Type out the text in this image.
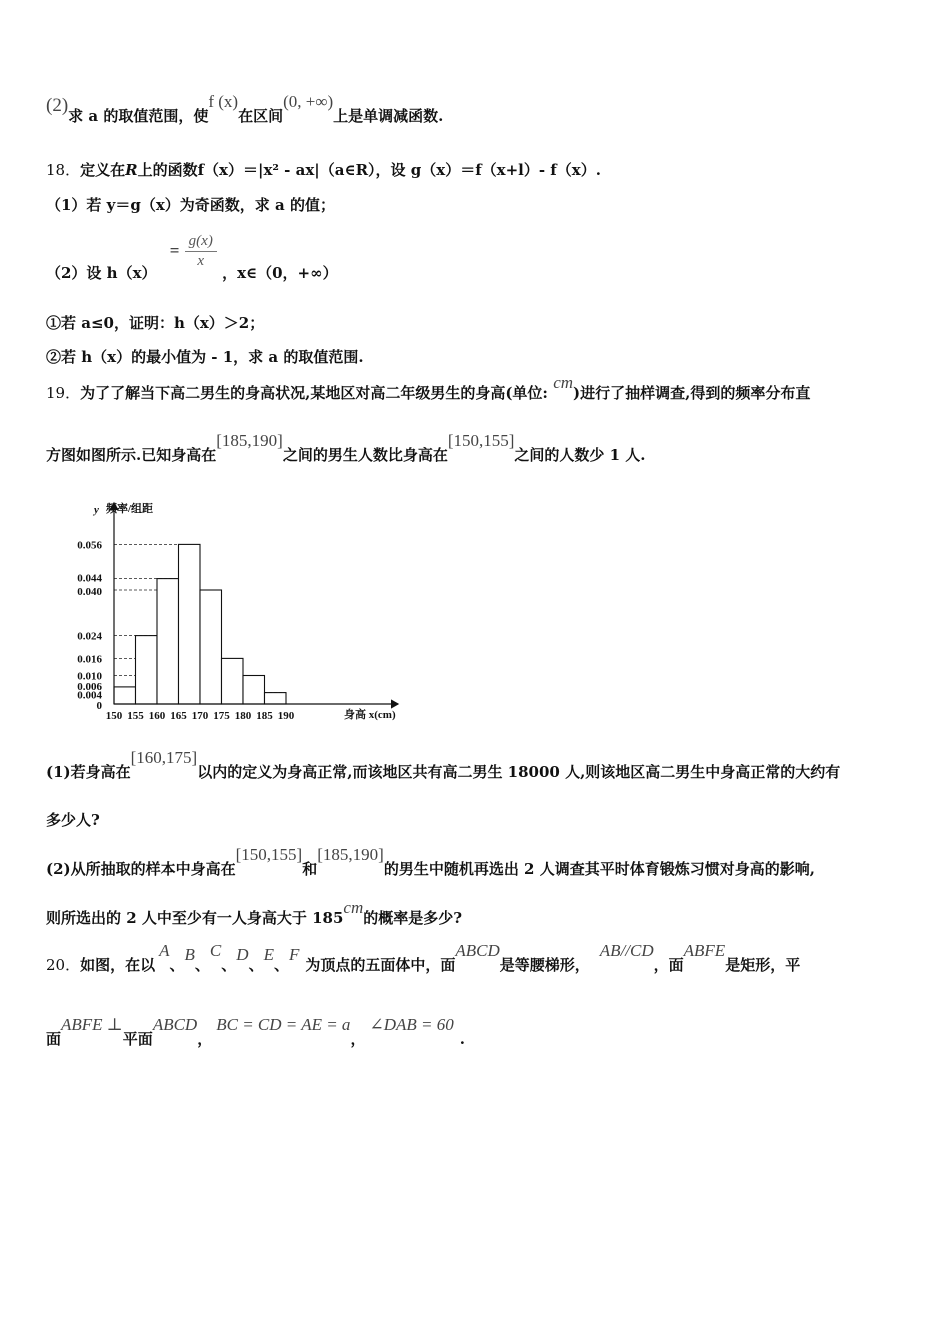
(2)求 a 的取值范围，使f (x)在区间(0, +∞)上是单调减函数.
18．定义在R上的函数f（x）＝|x² - ax|（a∈R），设 g（x）＝f（x+l）- f（x）.
（1）若 y＝g（x）为奇函数，求 a 的值；
（2）设 $h(x) = \frac{g(x)}{x}$
，x∈（0，+∞）
①若 a≤0，证明：h（x）＞2；
②若 h（x）的最小值为 - 1，求 a 的取值范围.
19．为了了解当下高二男生的身高状况,某地区对高二年级男生的身高(单位: cm)进行了抽样调查,得到的频率分布直
方图如图所示.已知身高在[185,190]之间的男生人数比身高在[150,155]之间的人数少 1 人.
0.056
0.044
0.040
0.024
0.016
0.010
0.006
0.004
0
150 155 160 165 170 175 180 185 190
y 频率/组距
身高 x(cm)
(1)若身高在[160,175]以内的定义为身高正常,而该地区共有高二男生 18000 人,则该地区高二男生中身高正常的大约有
多少人?
(2)从所抽取的样本中身高在[150,155]和[185,190]的男生中随机再选出 2 人调查其平时体育锻炼习惯对身高的影响,
则所选出的 2 人中至少有一人身高大于 185cm的概率是多少?
20．如图，在以A、B、C、D、E、F为顶点的五面体中，面ABCD是等腰梯形，AB//CD，面ABFE是矩形，平
面ABFE ⊥平面ABCD，BC = CD = AE = a，∠DAB = 60.
